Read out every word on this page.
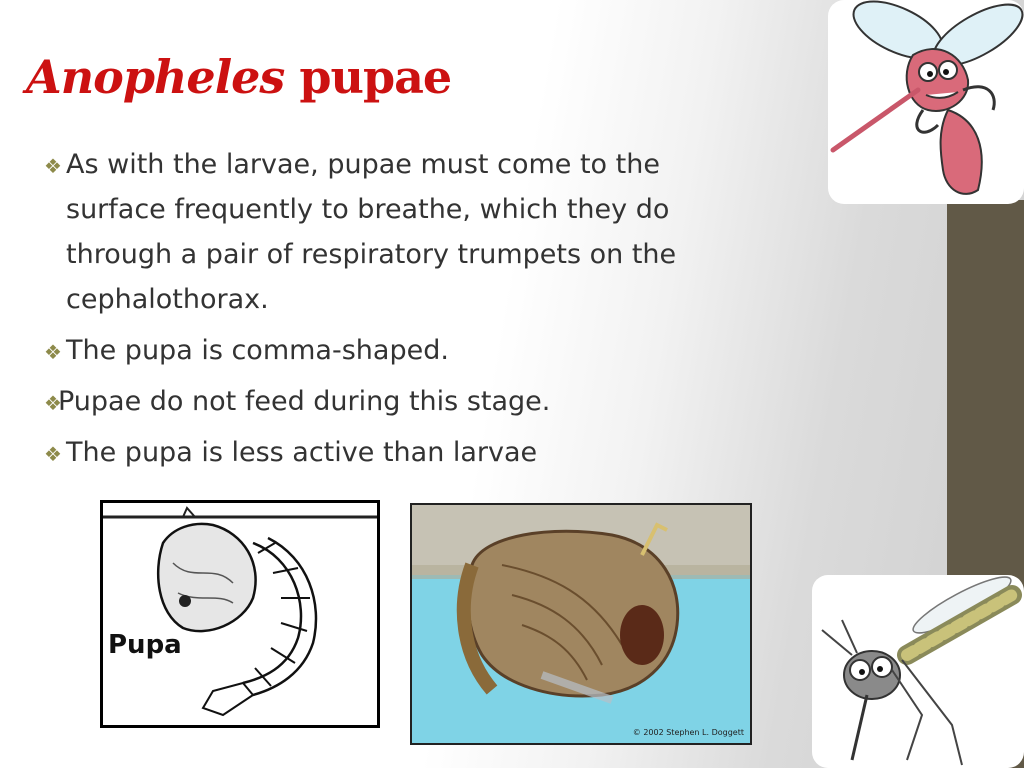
Anopheles pupae
❖ As with the larvae, pupae must come to the surface frequently to breathe, which they do through a pair of respiratory trumpets on the cephalothorax.
❖ The pupa is comma-shaped.
❖
Pupae do not feed during this stage.
❖ The pupa is less active than larvae
Pupa
© 2002 Stephen L. Doggett
